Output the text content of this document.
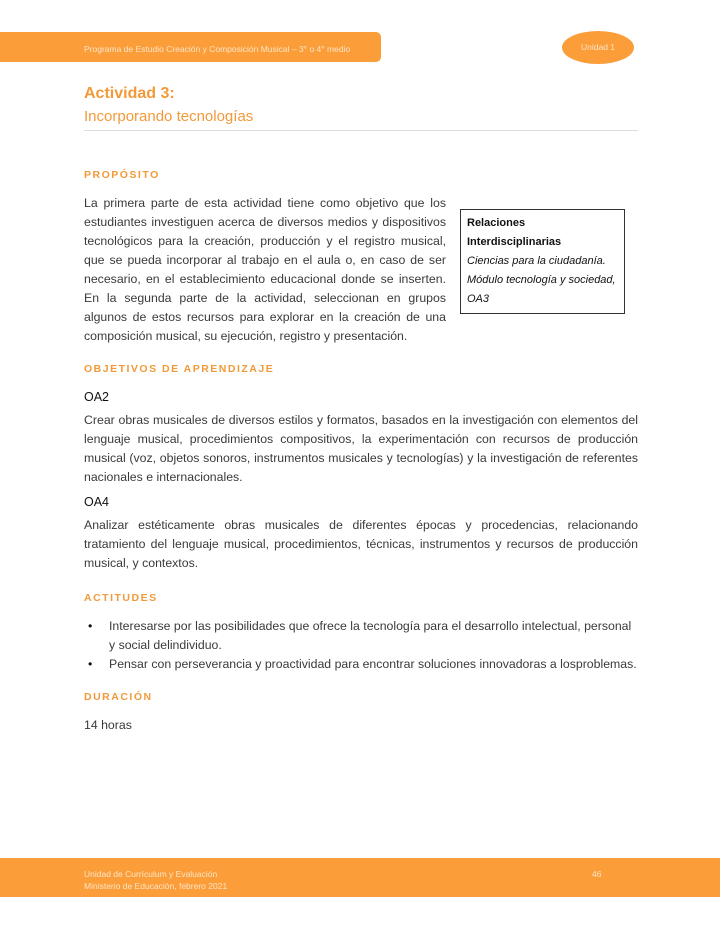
Programa de Estudio Creación y Composición Musical – 3° o 4° medio	Unidad 1
Actividad 3:
Incorporando tecnologías
PROPÓSITO
Relaciones Interdisciplinarias
Ciencias para la ciudadanía.
Módulo tecnología y sociedad,
OA3

La primera parte de esta actividad tiene como objetivo que los estudiantes investiguen acerca de diversos medios y dispositivos tecnológicos para la creación, producción y el registro musical, que se pueda incorporar al trabajo en el aula o, en caso de ser necesario, en el establecimiento educacional donde se inserten. En la segunda parte de la actividad, seleccionan en grupos algunos de estos recursos para explorar en la creación de una composición musical, su ejecución, registro y presentación.

OBJETIVOS DE APRENDIZAJE
OA2

Crear obras musicales de diversos estilos y formatos, basados en la investigación con elementos del lenguaje musical, procedimientos compositivos, la experimentación con recursos de producción musical (voz, objetos sonoros, instrumentos musicales y tecnologías) y la investigación de referentes nacionales e internacionales.

OA4

Analizar estéticamente obras musicales de diferentes épocas y procedencias, relacionando tratamiento del lenguaje musical, procedimientos, técnicas, instrumentos y recursos de producción musical, y contextos.

ACTITUDES
• Interesarse por las posibilidades que ofrece la tecnología para el desarrollo intelectual, personal y social delindividuo.
• Pensar con perseverancia y proactividad para encontrar soluciones innovadoras a losproblemas.
DURACIÓN
14 horas
Unidad de Currículum y Evaluación
Ministerio de Educación, febrero 2021
46
